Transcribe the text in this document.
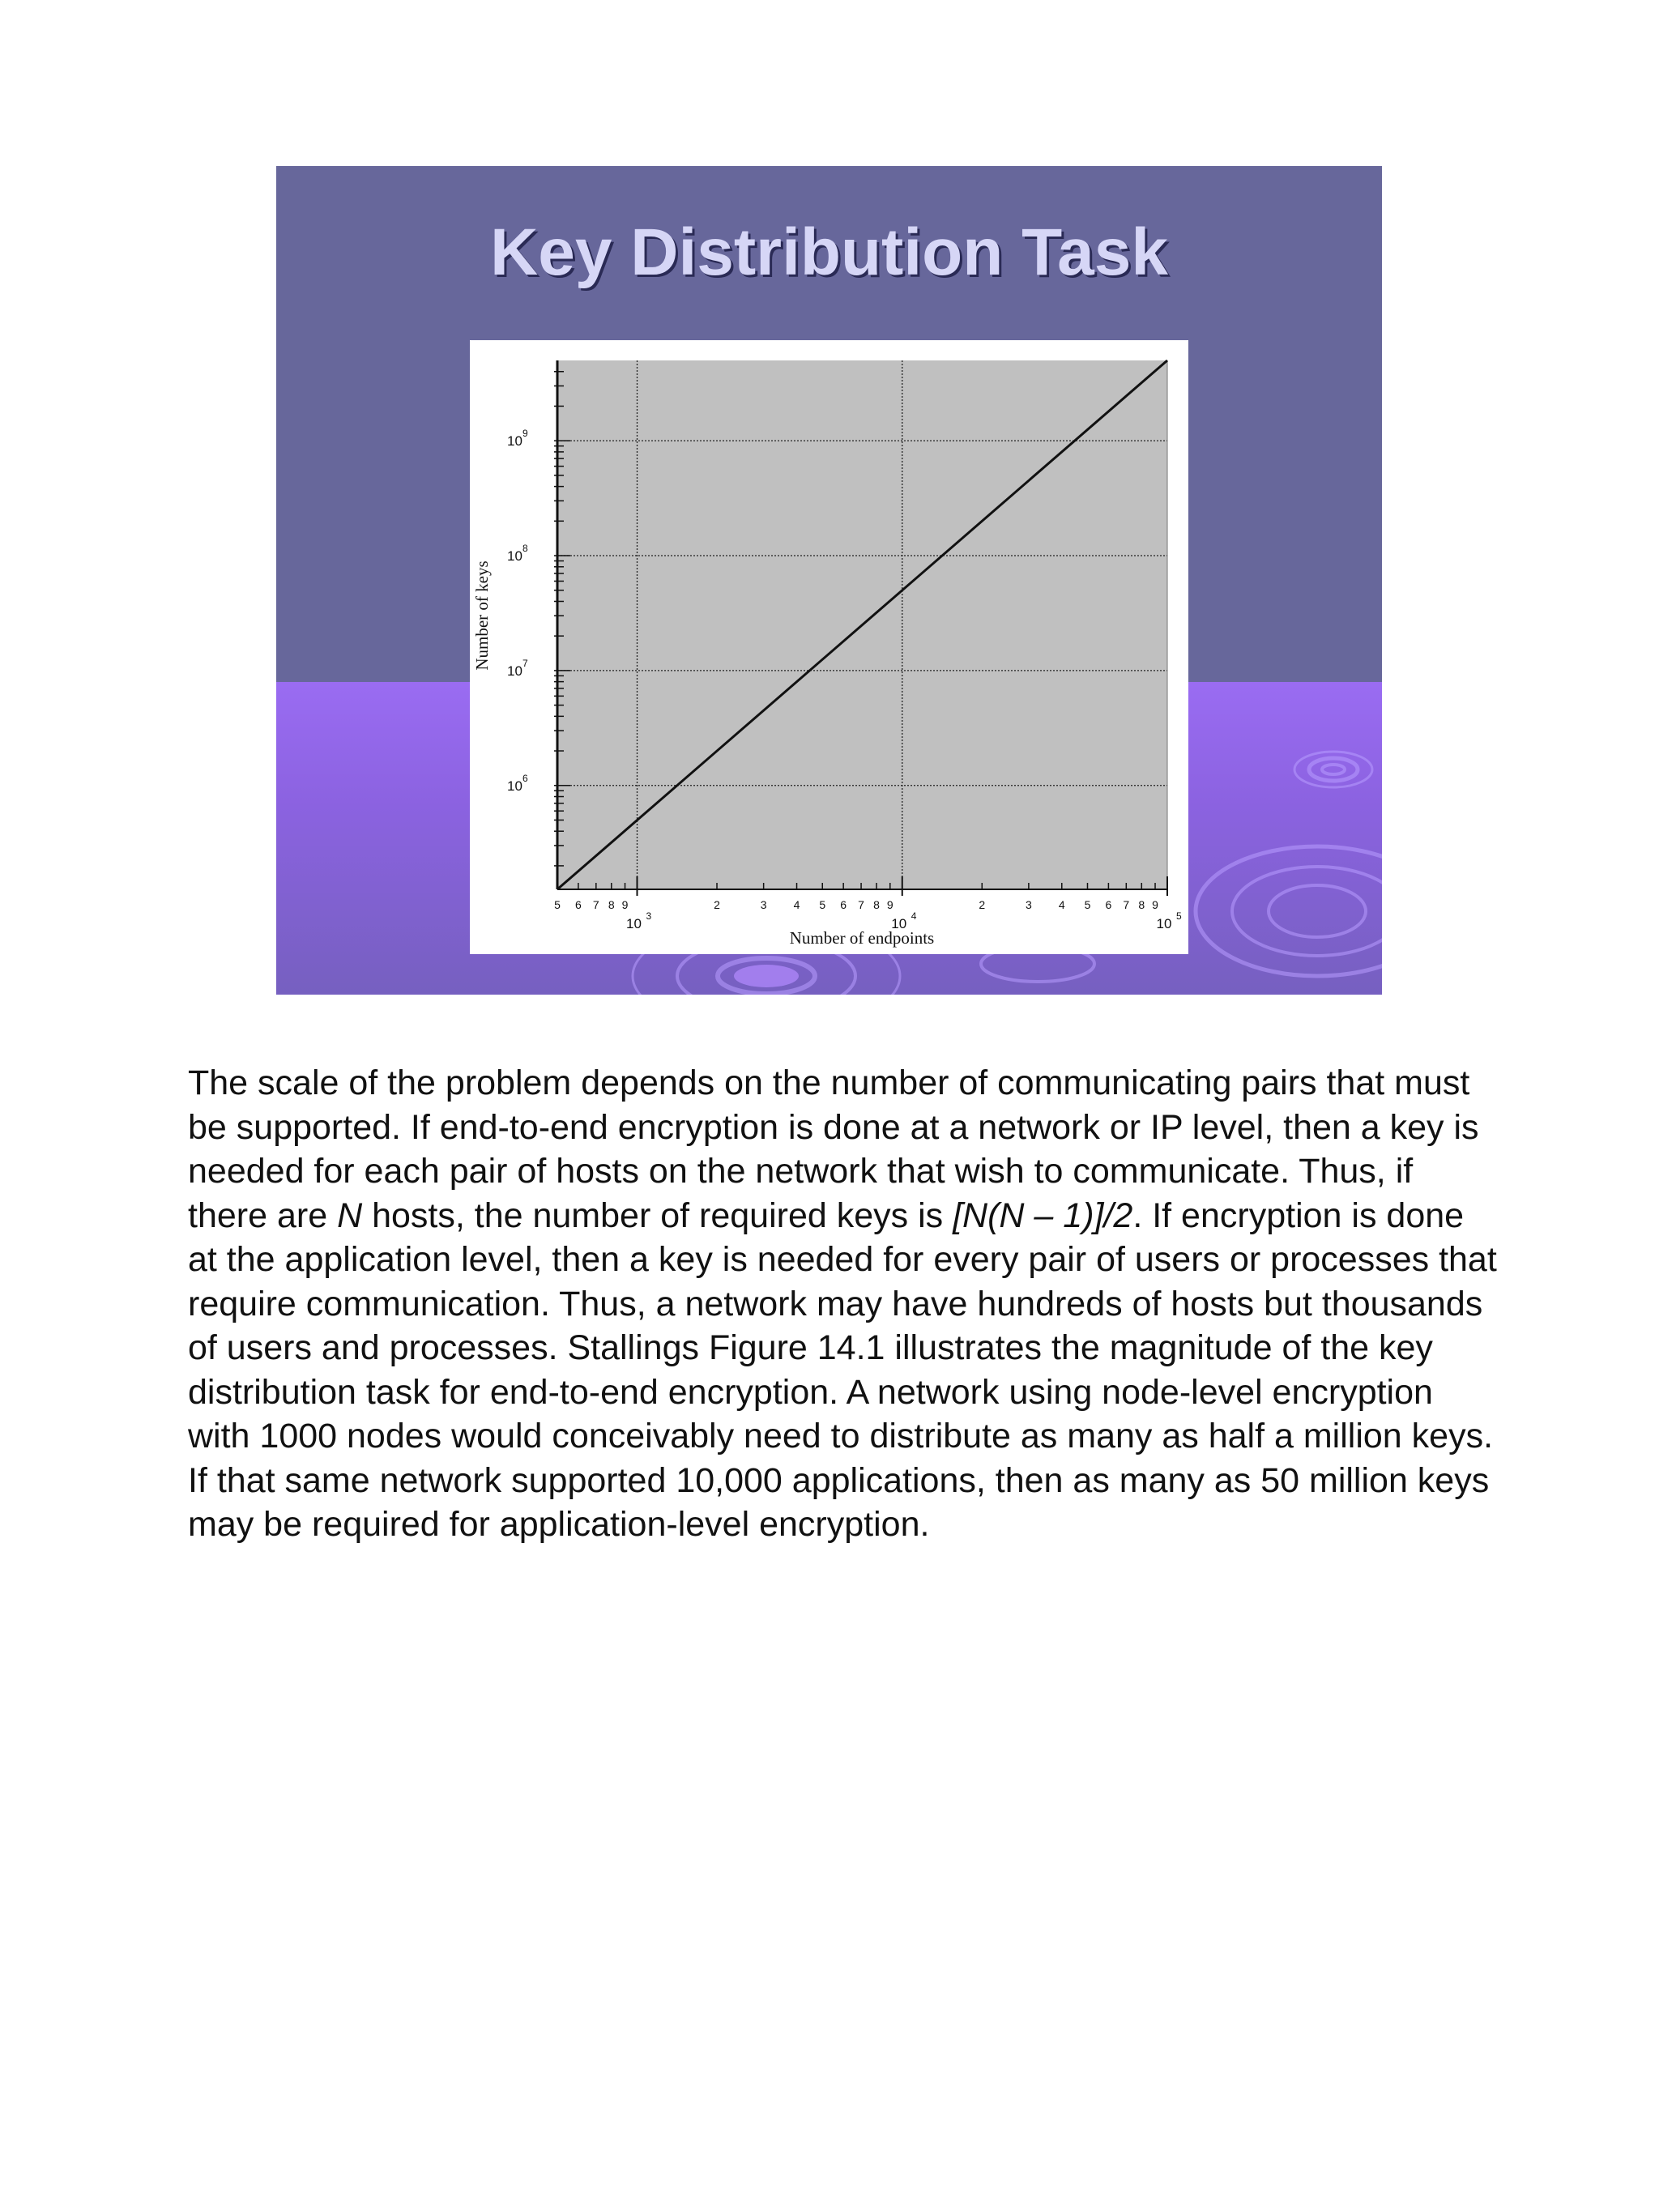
Key Distribution Task
5 6 7 8 9	2	3 4 5 6 7 8 9	2	3 4 5 6 7 8 9
10 3	10 4	10 5
10 6
10 7
10 8
10 9
Number of endpoints
Number of keys
The scale of the problem depends on the number of communicating pairs that must be supported. If end-to-end encryption is done at a network or IP level, then a key is needed for each pair of hosts on the network that wish to communicate. Thus, if there are N hosts, the number of required keys is [N(N – 1)]/2. If encryption is done at the application level, then a key is needed for every pair of users or processes that require communication. Thus, a network may have hundreds of hosts but thousands of users and processes. Stallings Figure 14.1 illustrates the magnitude of the key distribution task for end-to-end encryption. A network using node-level encryption with 1000 nodes would conceivably need to distribute as many as half a million keys. If that same network supported 10,000 applications, then as many as 50 million keys may be required for application-level encryption.
